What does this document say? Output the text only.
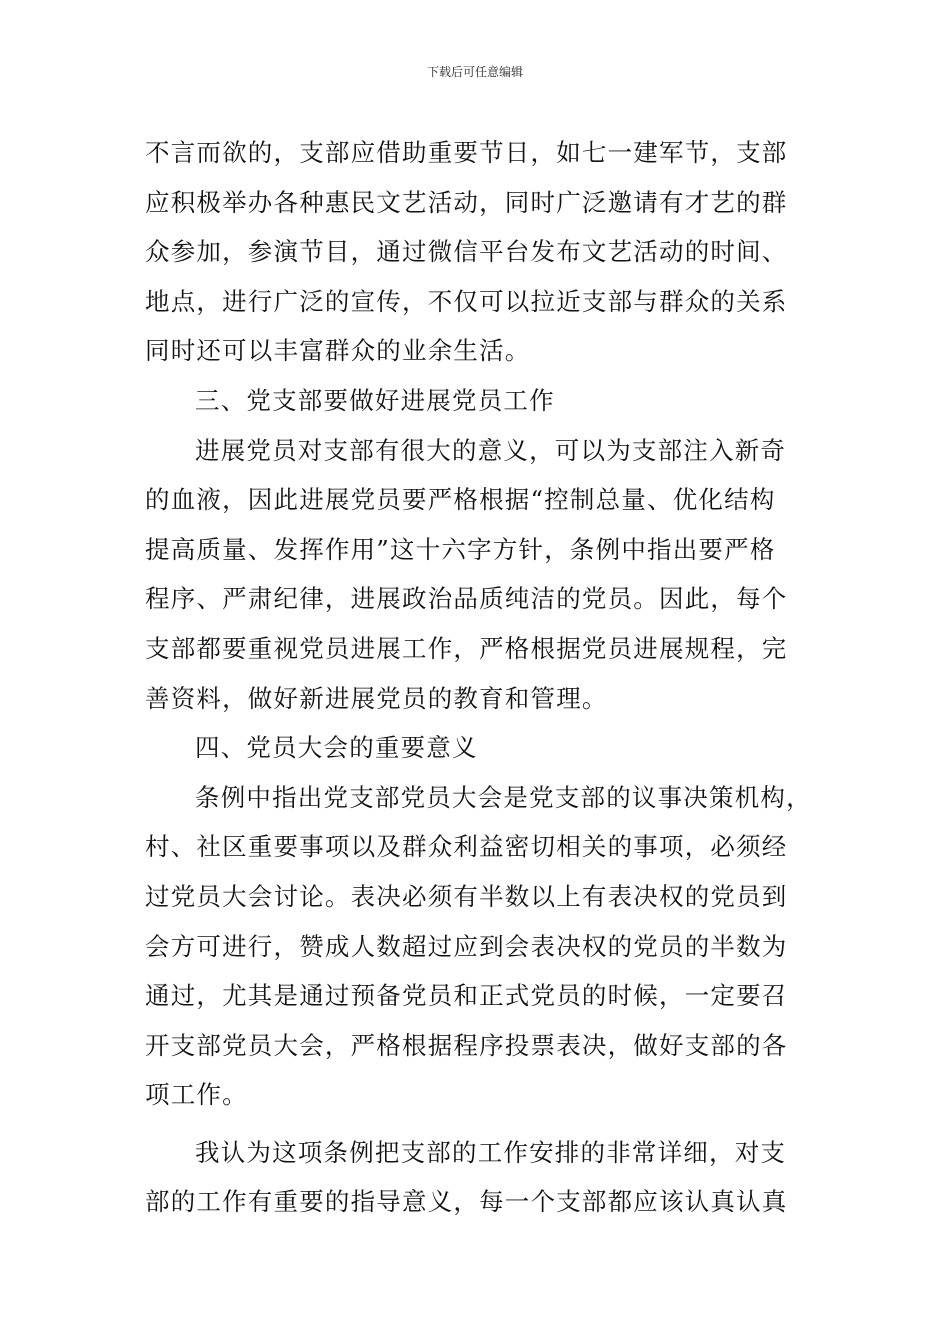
下载后可任意编辑

不言而欲的，支部应借助重要节日，如七一建军节，支部

应积极举办各种惠民文艺活动，同时广泛邀请有才艺的群

众参加，参演节目，通过微信平台发布文艺活动的时间、

地点，进行广泛的宣传，不仅可以拉近支部与群众的关系

同时还可以丰富群众的业余生活。

三、党支部要做好进展党员工作

进展党员对支部有很大的意义，可以为支部注入新奇

的血液，因此进展党员要严格根据“控制总量、优化结构

提高质量、发挥作用”这十六字方针，条例中指出要严格

程序、严肃纪律，进展政治品质纯洁的党员。因此，每个

支部都要重视党员进展工作，严格根据党员进展规程，完

善资料，做好新进展党员的教育和管理。

四、党员大会的重要意义

条例中指出党支部党员大会是党支部的议事决策机构，

村、社区重要事项以及群众利益密切相关的事项，必须经

过党员大会讨论。表决必须有半数以上有表决权的党员到

会方可进行，赞成人数超过应到会表决权的党员的半数为

通过，尤其是通过预备党员和正式党员的时候，一定要召

开支部党员大会，严格根据程序投票表决，做好支部的各

项工作。

我认为这项条例把支部的工作安排的非常详细，对支

部的工作有重要的指导意义，每一个支部都应该认真认真
